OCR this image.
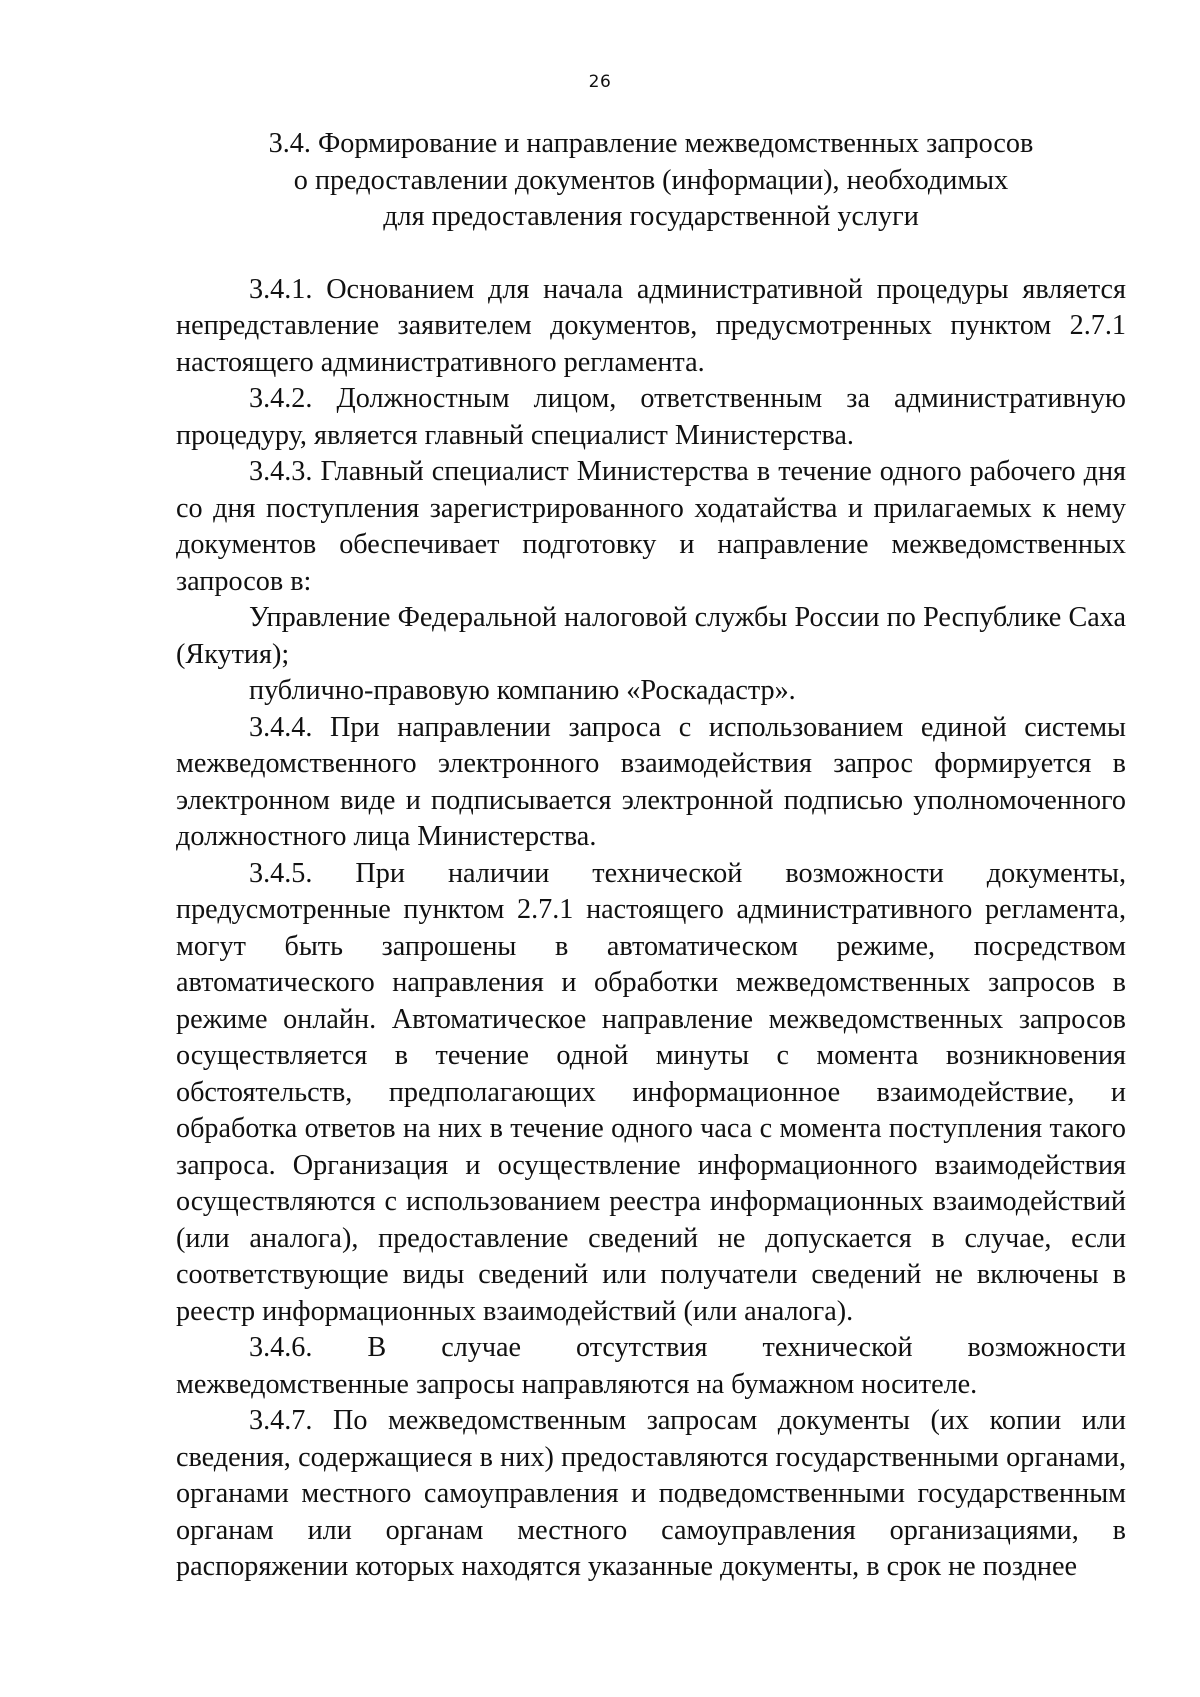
26
3.4. Формирование и направление межведомственных запросов
о предоставлении документов (информации), необходимых
для предоставления государственной услуги

3.4.1. Основанием для начала административной процедуры является непредставление заявителем документов, предусмотренных пунктом 2.7.1 настоящего административного регламента.

3.4.2. Должностным лицом, ответственным за административную процедуру, является главный специалист Министерства.

3.4.3. Главный специалист Министерства в течение одного рабочего дня со дня поступления зарегистрированного ходатайства и прилагаемых к нему документов обеспечивает подготовку и направление межведомственных запросов в:

Управление Федеральной налоговой службы России по Республике Саха (Якутия);

публично-правовую компанию «Роскадастр».

3.4.4. При направлении запроса с использованием единой системы межведомственного электронного взаимодействия запрос формируется в электронном виде и подписывается электронной подписью уполномоченного должностного лица Министерства.

3.4.5. При наличии технической возможности документы, предусмотренные пунктом 2.7.1 настоящего административного регламента, могут быть запрошены в автоматическом режиме, посредством автоматического направления и обработки межведомственных запросов в режиме онлайн. Автоматическое направление межведомственных запросов осуществляется в течение одной минуты с момента возникновения обстоятельств, предполагающих информационное взаимодействие, и обработка ответов на них в течение одного часа с момента поступления такого запроса. Организация и осуществление информационного взаимодействия осуществляются с использованием реестра информационных взаимодействий (или аналога), предоставление сведений не допускается в случае, если соответствующие виды сведений или получатели сведений не включены в реестр информационных взаимодействий (или аналога).

3.4.6. В случае отсутствия технической возможности межведомственные запросы направляются на бумажном носителе.

3.4.7. По межведомственным запросам документы (их копии или сведения, содержащиеся в них) предоставляются государственными органами, органами местного самоуправления и подведомственными государственным органам или органам местного самоуправления организациями, в распоряжении которых находятся указанные документы, в срок не позднее
